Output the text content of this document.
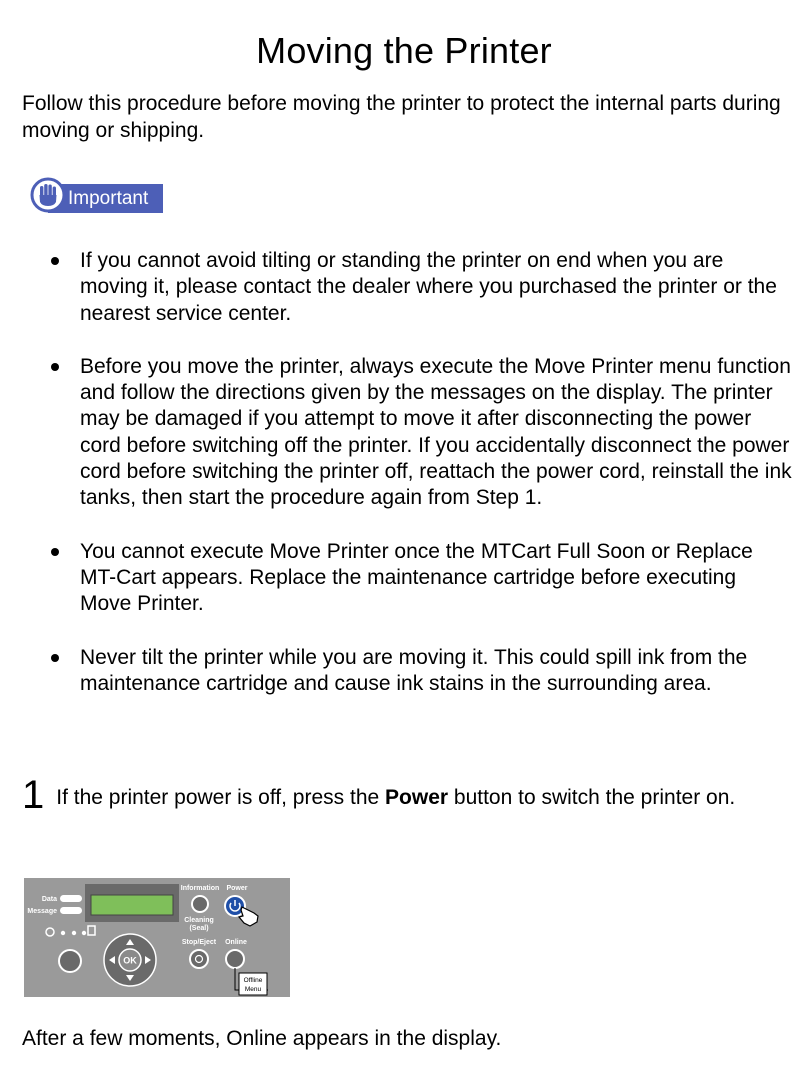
Moving the Printer

Follow this procedure before moving the printer to protect the internal parts during moving or shipping.

Important
If you cannot avoid tilting or standing the printer on end when you are moving it, please contact the dealer where you purchased the printer or the nearest service center.
Before you move the printer, always execute the Move Printer menu function and follow the directions given by the messages on the display. The printer may be damaged if you attempt to move it after disconnecting the power cord before switching off the printer. If you accidentally disconnect the power cord before switching the printer off, reattach the power cord, reinstall the ink tanks, then start the procedure again from Step 1.
You cannot execute Move Printer once the MTCart Full Soon or Replace MT-Cart appears. Replace the maintenance cartridge before executing Move Printer.
Never tilt the printer while you are moving it. This could spill ink from the maintenance cartridge and cause ink stains in the surrounding area.

1 If the printer power is off, press the Power button to switch the printer on.

Data
Message
Information Power
Cleaning
(Seal)
OK
Stop/Eject Online
Offline
Menu

After a few moments, Online appears in the display.
